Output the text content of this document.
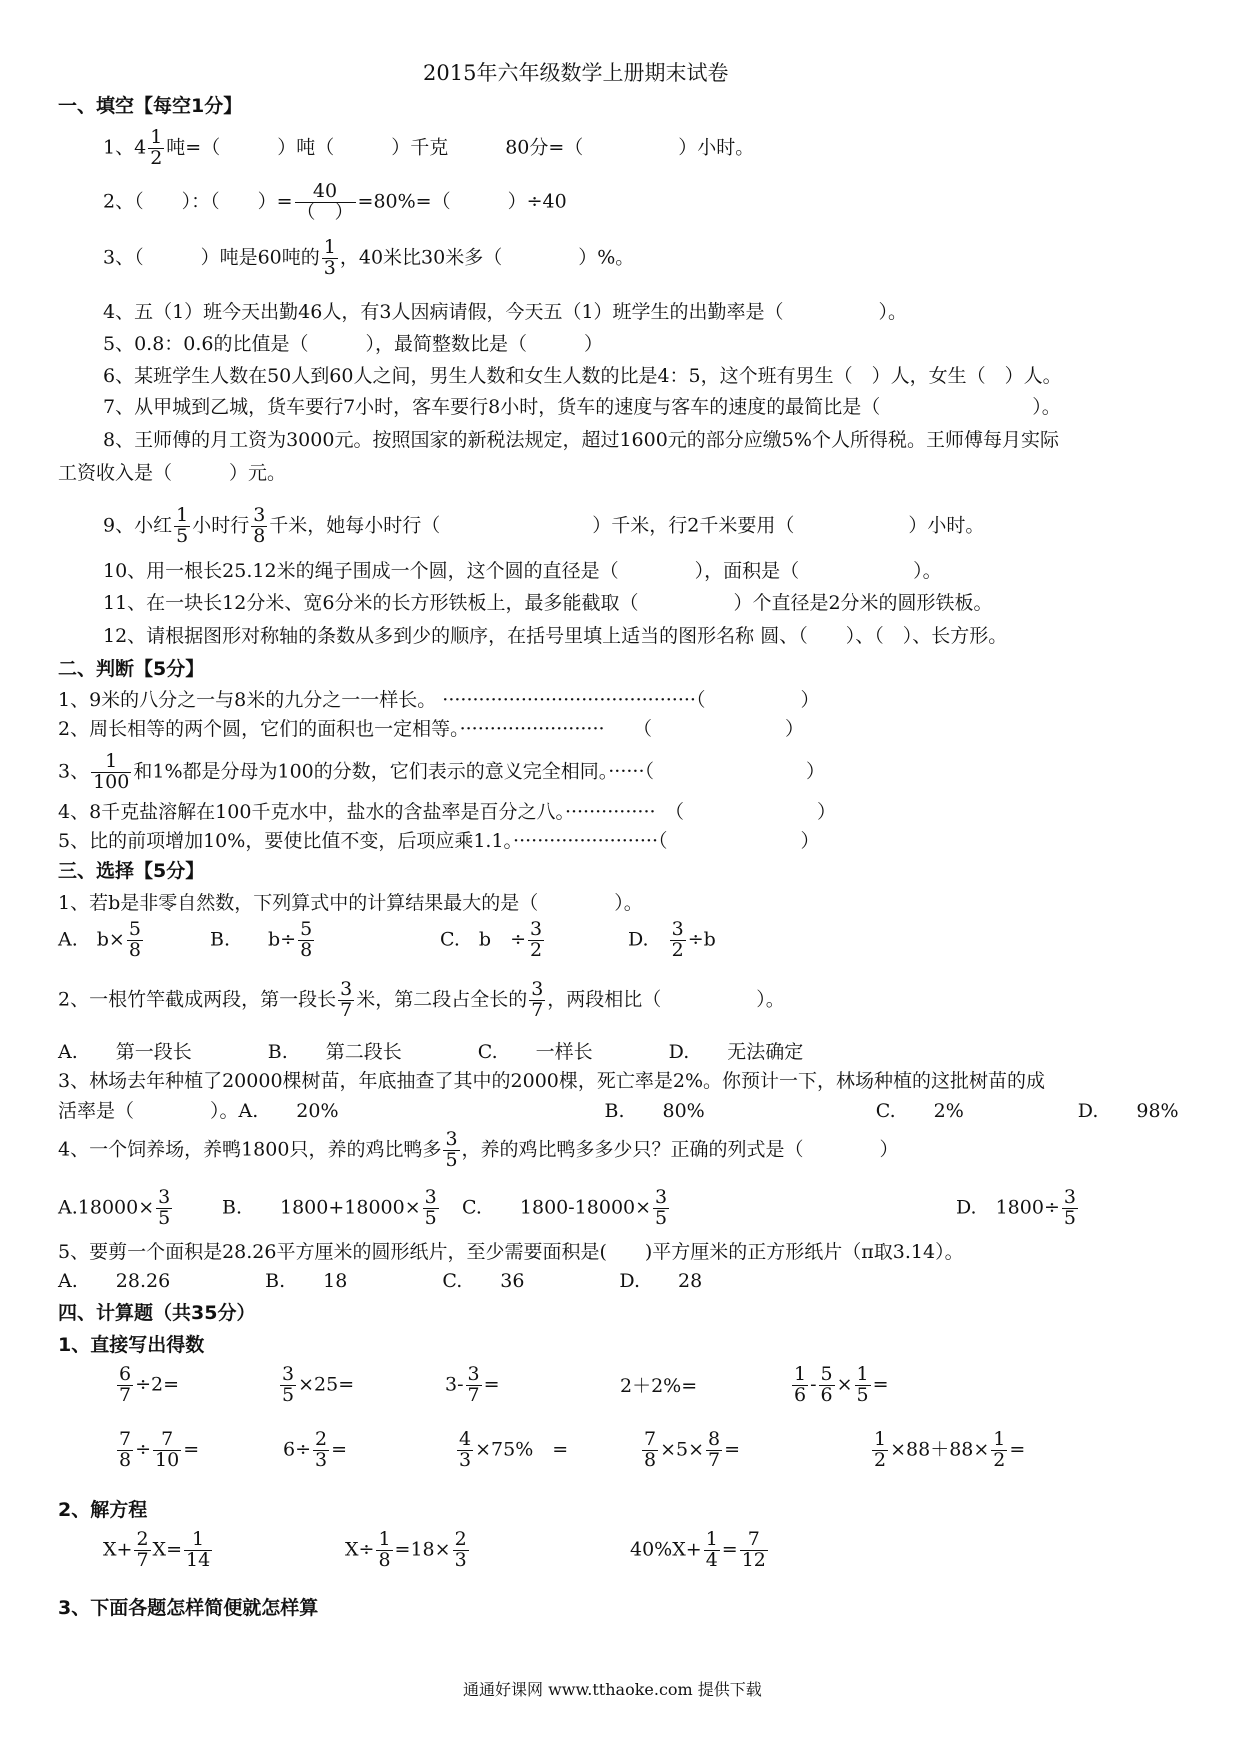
2015年六年级数学上册期末试卷
一、填空【每空1分】
1、$4 \frac{1}{2}$ 吨=（　　　）吨（　　　）千克　　　80分=（　　　　　）小时。
2、（　　）：（　　）= $\frac{40}{( )} =80\%=$（　　　）÷40
3、（　　　）吨是60吨的 $\frac{1}{3}$ ，40米比30米多（　　　　）%。
4、五（1）班今天出勤46人，有3人因病请假，今天五（1）班学生的出勤率是（　　　　　）。
5、0.8：0.6的比值是（　　　），最简整数比是（　　　）
6、某班学生人数在50人到60人之间，男生人数和女生人数的比是4：5，这个班有男生（　）人，女生（　）人。
7、从甲城到乙城，货车要行7小时，客车要行8小时，货车的速度与客车的速度的最简比是（　　　　　　　　）。
8、王师傅的月工资为3000元。按照国家的新税法规定，超过1600元的部分应缴5%个人所得税。王师傅每月实际
工资收入是（　　　）元。
9、小红 $\frac{1}{5}$ 小时行 $\frac{3}{8}$ 千米，她每小时行（　　　　　　　　）千米，行2千米要用（　　　　　　）小时。
10、用一根长25.12米的绳子围成一个圆，这个圆的直径是（　　　　），面积是（　　　　　　）。
11、在一块长12分米、宽6分米的长方形铁板上，最多能截取（　　　　　）个直径是2分米的圆形铁板。
12、请根据图形对称轴的条数从多到少的顺序，在括号里填上适当的图形名称 圆、（　　）、（　）、长方形。
二、判断【5分】
1、9米的八分之一与8米的九分之一一样长。 ··········································（　　　　　）
2、周长相等的两个圆，它们的面积也一定相等。························　　（　　　　　　　）
3、 $\frac{1}{100}$ 和1%都是分母为100的分数，它们表示的意义完全相同。······（　　　　　　　　）
4、8千克盐溶解在100千克水中，盐水的含盐率是百分之八。···············　（　　　　　　　）
5、比的前项增加10%，要使比值不变，后项应乘1.1。························（　　　　　　　）
三、选择【5分】
1、若b是非零自然数，下列算式中的计算结果最大的是（　　　　）。
A.　$b\times \frac{5}{8}$	B.　　$b\div \frac{5}{8}$	C.　b　÷ $\frac{3}{2}$	D.　 $\frac{3}{2} \div b$
2、一根竹竿截成两段，第一段长 $\frac{3}{7}$ 米，第二段占全长的 $\frac{3}{7}$ ，两段相比（　　　　　）。
A.　　第一段长　　　　B.　　第二段长　　　　C.　　一样长　　　　D.　　无法确定
3、林场去年种植了20000棵树苗，年底抽查了其中的2000棵，死亡率是2%。你预计一下，林场种植的这批树苗的成
活率是（　　　　）。A.　　20%　　　　　　　　　　　　　　B.　　80%　　　　　　　　　C.　　2%　　　　　　D.　　98%
4、一个饲养场，养鸭1800只，养的鸡比鸭多 $\frac{3}{5}$ ，养的鸡比鸭多多少只？正确的列式是（　　　　）
$A.18000\times \frac{3}{5}$	B.　　$1800+18000\times \frac{3}{5} C$.　　$1800-18000\times \frac{3}{5}$	D.　$1800\div \frac{3}{5}$
5、要剪一个面积是28.26平方厘米的圆形纸片，至少需要面积是(　　)平方厘米的正方形纸片（π取3.14）。
A.　　28.26　　　　　B.　　18　　　　　C.　　36　　　　　D.　　28
四、计算题（共35分）
1、直接写出得数
$\frac{6}{7} \div 2=$	$\frac{3}{5} \times 25=$	$3- \frac{3}{7}$ =	2＋2%=	$\frac{1}{6} - \frac{5}{6} \times \frac{1}{5}$ =
$\frac{7}{8} \div \frac{7}{10}$ =	$6\div \frac{2}{3}$ =	$\frac{4}{3} \times 75\%$　=	$\frac{7}{8} \times 5\times \frac{8}{7}$ =	$\frac{1}{2} \times 88+88\times \frac{1}{2}$ =
2、解方程
$X+ \frac{2}{7} X= \frac{1}{14}$	$X\div \frac{1}{8} =18\times \frac{2}{3}$	$40\%X+ \frac{1}{4} = \frac{7}{12}$
3、下面各题怎样简便就怎样算
通通好课网 www.tthaoke.com 提供下载
